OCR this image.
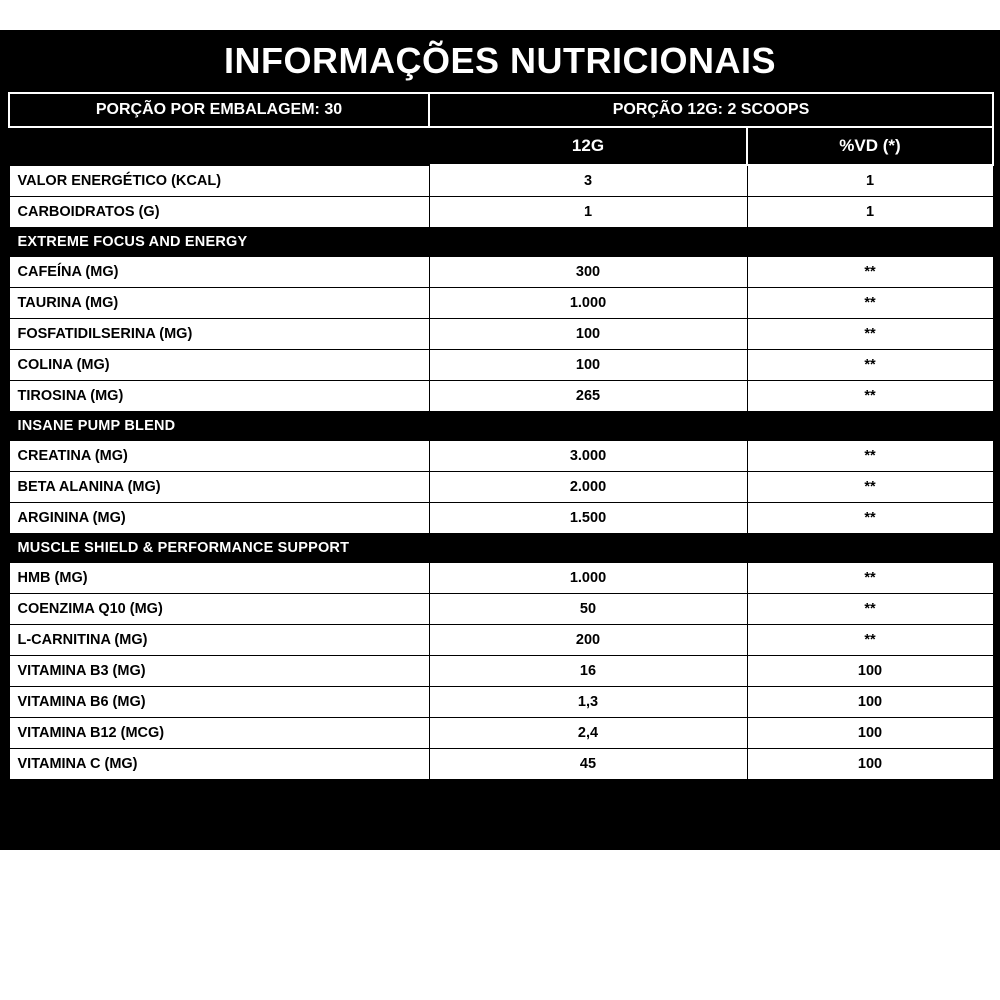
INFORMAÇÕES NUTRICIONAIS
PORÇÃO POR EMBALAGEM: 30	PORÇÃO 12G: 2 SCOOPS	
	12G	%VD (*)
VALOR ENERGÉTICO (KCAL)	3	1
CARBOIDRATOS (G)	1	1
EXTREME FOCUS AND ENERGY		
CAFEÍNA (MG)	300	**
TAURINA (MG)	1.000	**
FOSFATIDILSERINA (MG)	100	**
COLINA (MG)	100	**
TIROSINA (MG)	265	**
INSANE PUMP BLEND		
CREATINA (MG)	3.000	**
BETA ALANINA (MG)	2.000	**
ARGININA (MG)	1.500	**
MUSCLE SHIELD & PERFORMANCE SUPPORT		
HMB (MG)	1.000	**
COENZIMA Q10 (MG)	50	**
L-CARNITINA (MG)	200	**
VITAMINA B3 (MG)	16	100
VITAMINA B6 (MG)	1,3	100
VITAMINA B12 (MCG)	2,4	100
VITAMINA C (MG)	45	100
